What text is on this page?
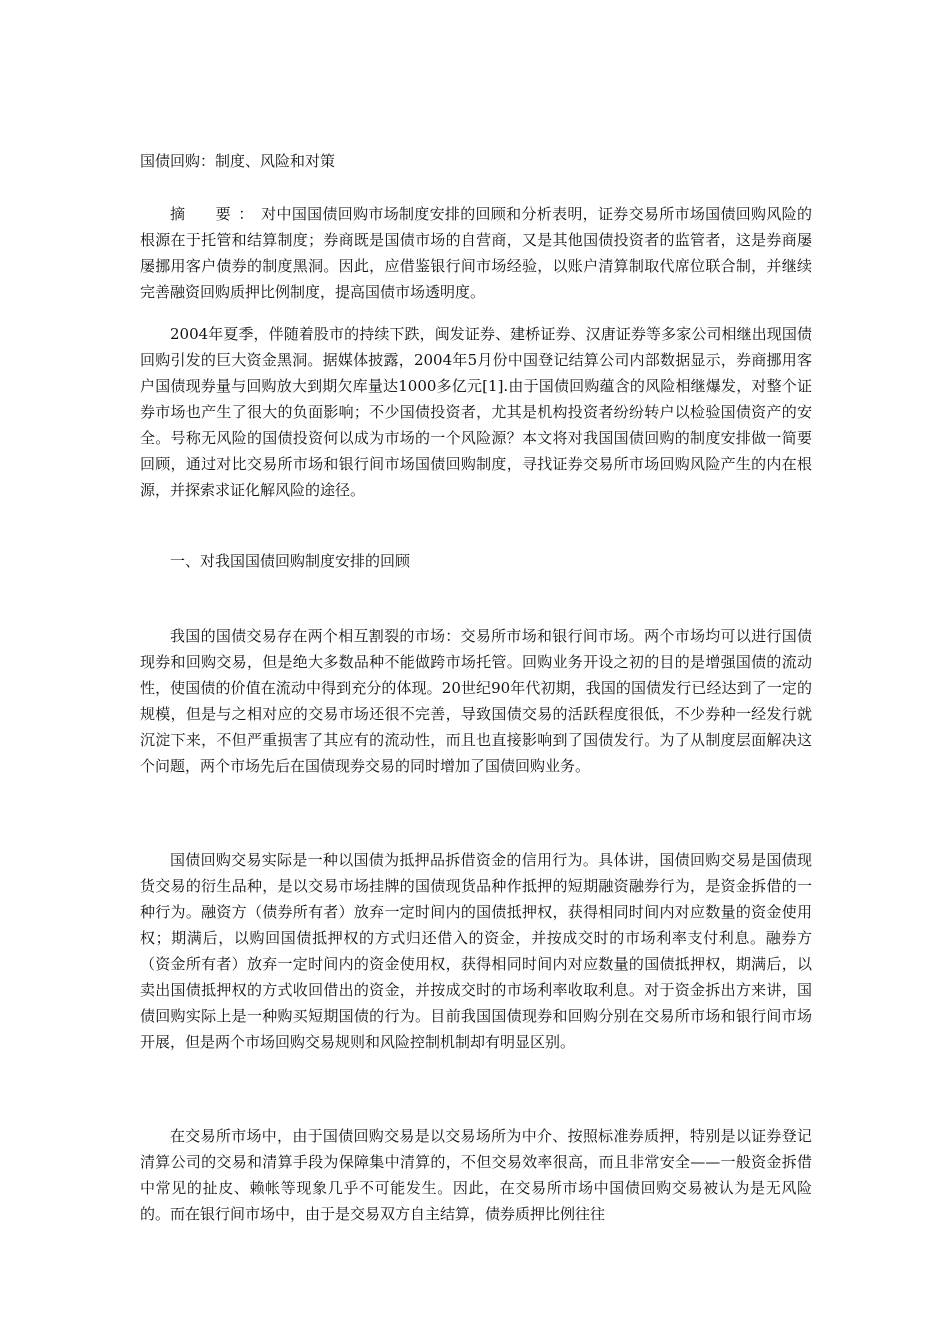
国债回购：制度、风险和对策

摘　要：对中国国债回购市场制度安排的回顾和分析表明，证券交易所市场国债回购风险的根源在于托管和结算制度；券商既是国债市场的自营商，又是其他国债投资者的监管者，这是券商屡屡挪用客户债券的制度黑洞。因此，应借鉴银行间市场经验，以账户清算制取代席位联合制，并继续完善融资回购质押比例制度，提高国债市场透明度。

2004年夏季，伴随着股市的持续下跌，闽发证券、建桥证券、汉唐证券等多家公司相继出现国债回购引发的巨大资金黑洞。据媒体披露，2004年5月份中国登记结算公司内部数据显示，券商挪用客户国债现券量与回购放大到期欠库量达1000多亿元[1].由于国债回购蕴含的风险相继爆发，对整个证券市场也产生了很大的负面影响；不少国债投资者，尤其是机构投资者纷纷转户以检验国债资产的安全。号称无风险的国债投资何以成为市场的一个风险源？本文将对我国国债回购的制度安排做一简要回顾，通过对比交易所市场和银行间市场国债回购制度，寻找证券交易所市场回购风险产生的内在根源，并探索求证化解风险的途径。

一、对我国国债回购制度安排的回顾

我国的国债交易存在两个相互割裂的市场：交易所市场和银行间市场。两个市场均可以进行国债现券和回购交易，但是绝大多数品种不能做跨市场托管。回购业务开设之初的目的是增强国债的流动性，使国债的价值在流动中得到充分的体现。20世纪90年代初期，我国的国债发行已经达到了一定的规模，但是与之相对应的交易市场还很不完善，导致国债交易的活跃程度很低，不少券种一经发行就沉淀下来，不但严重损害了其应有的流动性，而且也直接影响到了国债发行。为了从制度层面解决这个问题，两个市场先后在国债现券交易的同时增加了国债回购业务。

国债回购交易实际是一种以国债为抵押品拆借资金的信用行为。具体讲，国债回购交易是国债现货交易的衍生品种，是以交易市场挂牌的国债现货品种作抵押的短期融资融券行为，是资金拆借的一种行为。融资方（债券所有者）放弃一定时间内的国债抵押权，获得相同时间内对应数量的资金使用权；期满后，以购回国债抵押权的方式归还借入的资金，并按成交时的市场利率支付利息。融券方（资金所有者）放弃一定时间内的资金使用权，获得相同时间内对应数量的国债抵押权，期满后，以卖出国债抵押权的方式收回借出的资金，并按成交时的市场利率收取利息。对于资金拆出方来讲，国债回购实际上是一种购买短期国债的行为。目前我国国债现券和回购分别在交易所市场和银行间市场开展，但是两个市场回购交易规则和风险控制机制却有明显区别。

在交易所市场中，由于国债回购交易是以交易场所为中介、按照标准券质押，特别是以证券登记清算公司的交易和清算手段为保障集中清算的，不但交易效率很高，而且非常安全——一般资金拆借中常见的扯皮、赖帐等现象几乎不可能发生。因此，在交易所市场中国债回购交易被认为是无风险的。而在银行间市场中，由于是交易双方自主结算，债券质押比例往往
